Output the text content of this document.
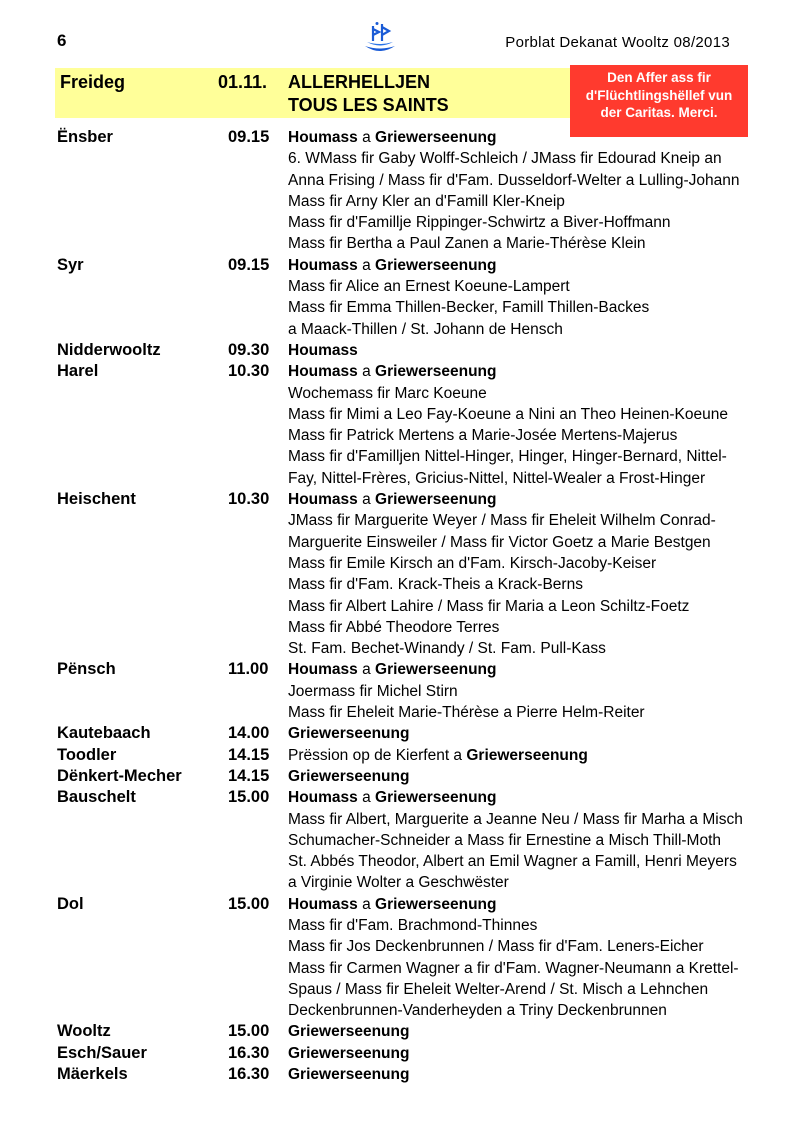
6	Porblat Dekanat Wooltz 08/2013
Freideg	01.11. ALLERHELLJEN
TOUS LES SAINTS
Den Affer ass fir
d'Flüchtlingshëllef vun
der Caritas. Merci.
Ënsber	09.15 Houmass a Griewerseenung
6. WMass fir Gaby Wolff-Schleich / JMass fir Edourad Kneip an
Anna Frising / Mass fir d'Fam. Dusseldorf-Welter a Lulling-Johann
Mass fir Arny Kler an d'Famill Kler-Kneip
Mass fir d'Famillje Rippinger-Schwirtz a Biver-Hoffmann
Mass fir Bertha a Paul Zanen a Marie-Thérèse Klein
Syr	09.15 Houmass a Griewerseenung
Mass fir Alice an Ernest Koeune-Lampert
Mass fir Emma Thillen-Becker, Famill Thillen-Backes
a Maack-Thillen / St. Johann de Hensch
Nidderwooltz	09.30 Houmass
Harel	10.30 Houmass a Griewerseenung
Wochemass fir Marc Koeune
Mass fir Mimi a Leo Fay-Koeune a Nini an Theo Heinen-Koeune
Mass fir Patrick Mertens a Marie-Josée Mertens-Majerus
Mass fir d'Familljen Nittel-Hinger, Hinger, Hinger-Bernard, Nittel-
Fay, Nittel-Frères, Gricius-Nittel, Nittel-Wealer a Frost-Hinger
Heischent	10.30 Houmass a Griewerseenung
JMass fir Marguerite Weyer / Mass fir Eheleit Wilhelm Conrad-
Marguerite Einsweiler / Mass fir Victor Goetz a Marie Bestgen
Mass fir Emile Kirsch an d'Fam. Kirsch-Jacoby-Keiser
Mass fir d'Fam. Krack-Theis a Krack-Berns
Mass fir Albert Lahire / Mass fir Maria a Leon Schiltz-Foetz
Mass fir Abbé Theodore Terres
St. Fam. Bechet-Winandy / St. Fam. Pull-Kass
Pënsch	11.00 Houmass a Griewerseenung
Joermass fir Michel Stirn
Mass fir Eheleit Marie-Thérèse a Pierre Helm-Reiter
Kautebaach	14.00 Griewerseenung
Toodler	14.15 Prëssion op de Kierfent a Griewerseenung
Dënkert-Mecher	14.15 Griewerseenung
Bauschelt	15.00 Houmass a Griewerseenung
Mass fir Albert, Marguerite a Jeanne Neu / Mass fir Marha a Misch
Schumacher-Schneider a Mass fir Ernestine a Misch Thill-Moth
St. Abbés Theodor, Albert an Emil Wagner a Famill, Henri Meyers
a Virginie Wolter a Geschwëster
Dol	15.00 Houmass a Griewerseenung
Mass fir d'Fam. Brachmond-Thinnes
Mass fir Jos Deckenbrunnen / Mass fir d'Fam. Leners-Eicher
Mass fir Carmen Wagner a fir d'Fam. Wagner-Neumann a Krettel-
Spaus / Mass fir Eheleit Welter-Arend / St. Misch a Lehnchen
Deckenbrunnen-Vanderheyden a Triny Deckenbrunnen
Wooltz	15.00 Griewerseenung
Esch/Sauer	16.30 Griewerseenung
Mäerkels	16.30 Griewerseenung
